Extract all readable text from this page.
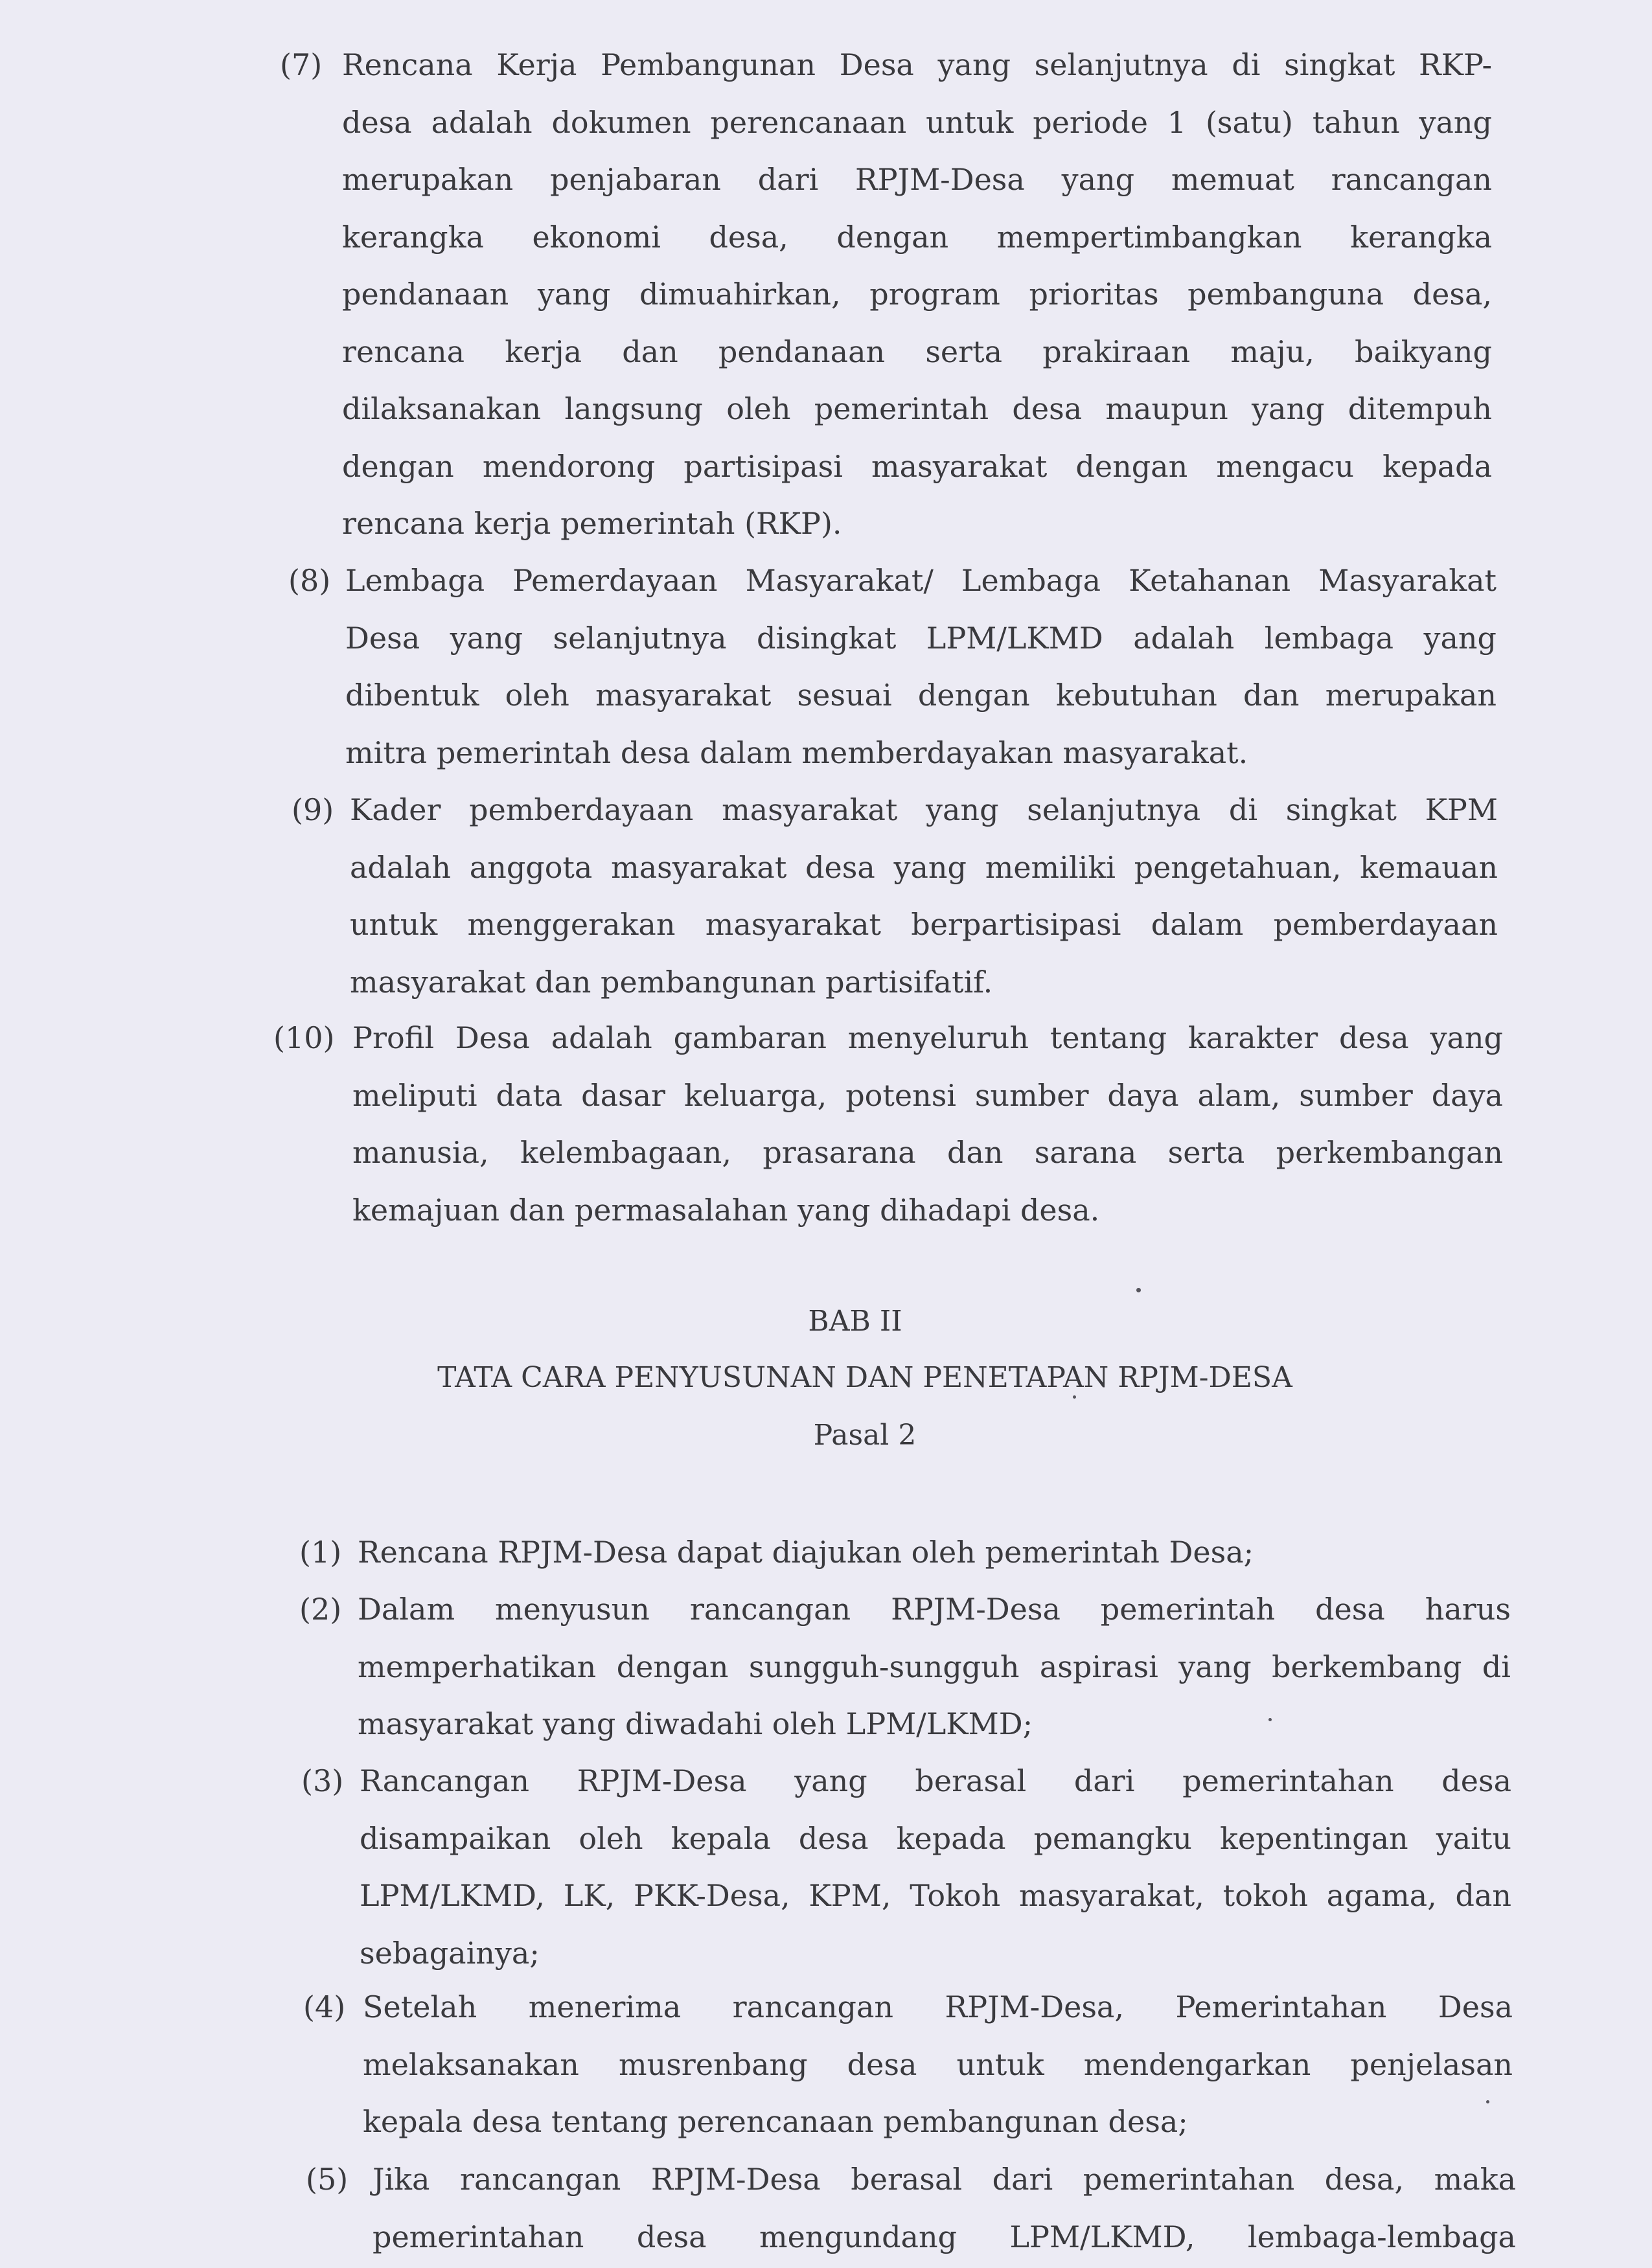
(7) Rencana Kerja Pembangunan Desa yang selanjutnya di singkat RKP-
desa adalah dokumen perencanaan untuk periode 1 (satu) tahun yang
merupakan penjabaran dari RPJM-Desa yang memuat rancangan
kerangka ekonomi desa, dengan mempertimbangkan kerangka
pendanaan yang dimuahirkan, program prioritas pembanguna desa,
rencana kerja dan pendanaan serta prakiraan maju, baikyang
dilaksanakan langsung oleh pemerintah desa maupun yang ditempuh
dengan mendorong partisipasi masyarakat dengan mengacu kepada
rencana kerja pemerintah (RKP).
(8) Lembaga Pemerdayaan Masyarakat/ Lembaga Ketahanan Masyarakat
Desa yang selanjutnya disingkat LPM/LKMD adalah lembaga yang
dibentuk oleh masyarakat sesuai dengan kebutuhan dan merupakan
mitra pemerintah desa dalam memberdayakan masyarakat.
(9) Kader pemberdayaan masyarakat yang selanjutnya di singkat KPM
adalah anggota masyarakat desa yang memiliki pengetahuan, kemauan
untuk menggerakan masyarakat berpartisipasi dalam pemberdayaan
masyarakat dan pembangunan partisifatif.
(10) Profil Desa adalah gambaran menyeluruh tentang karakter desa yang
meliputi data dasar keluarga, potensi sumber daya alam, sumber daya
manusia, kelembagaan, prasarana dan sarana serta perkembangan
kemajuan dan permasalahan yang dihadapi desa.
BAB II
TATA CARA PENYUSUNAN DAN PENETAPAN RPJM-DESA
Pasal 2
(1) Rencana RPJM-Desa dapat diajukan oleh pemerintah Desa;
(2) Dalam menyusun rancangan RPJM-Desa pemerintah desa harus
memperhatikan dengan sungguh-sungguh aspirasi yang berkembang di
masyarakat yang diwadahi oleh LPM/LKMD;
(3) Rancangan RPJM-Desa yang berasal dari pemerintahan desa
disampaikan oleh kepala desa kepada pemangku kepentingan yaitu
LPM/LKMD, LK, PKK-Desa, KPM, Tokoh masyarakat, tokoh agama, dan
sebagainya;
(4) Setelah menerima rancangan RPJM-Desa, Pemerintahan Desa
melaksanakan musrenbang desa untuk mendengarkan penjelasan
kepala desa tentang perencanaan pembangunan desa;
(5) Jika rancangan RPJM-Desa berasal dari pemerintahan desa, maka
pemerintahan desa mengundang LPM/LKMD, lembaga-lembaga
